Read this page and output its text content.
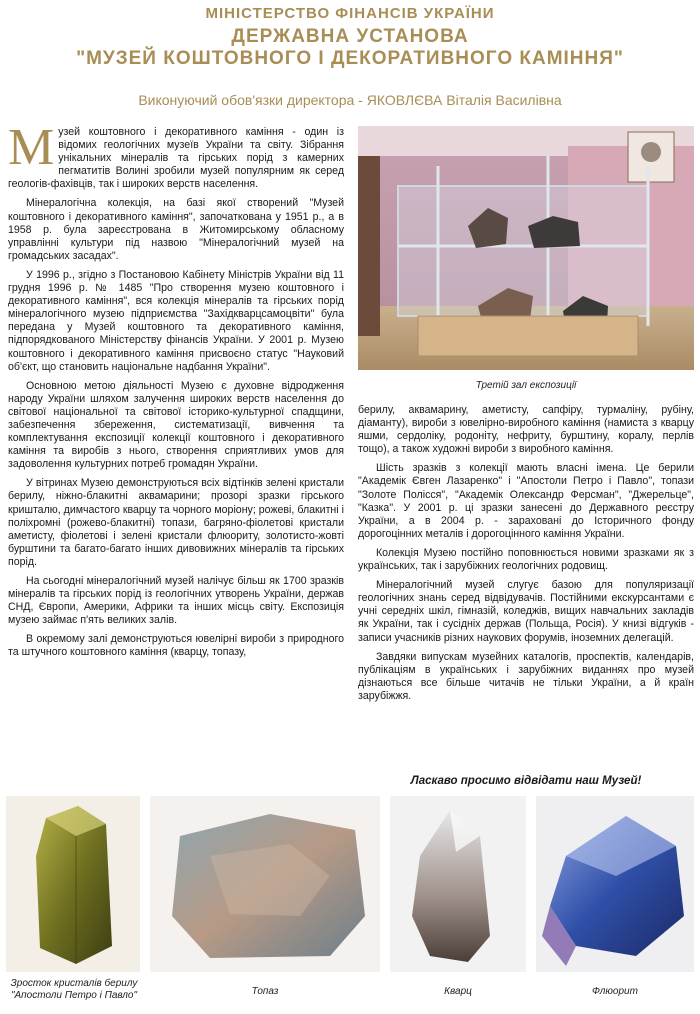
МІНІСТЕРСТВО ФІНАНСІВ УКРАЇНИ
ДЕРЖАВНА УСТАНОВА
"МУЗЕЙ КОШТОВНОГО І ДЕКОРАТИВНОГО КАМІННЯ"
Виконуючий обов'язки директора - ЯКОВЛЄВА Віталія Василівна

Музей коштовного і декоративного каміння - один із відомих геологічних музеїв України та світу. Зібрання унікальних мінералів та гірських порід з камерних пегматитів Волині зробили музей популярним як серед геологів-фахівців, так і широких верств населення.

Мінералогічна колекція, на базі якої створений "Музей коштовного і декоративного каміння", започаткована у 1951 р., а в 1958 р. була зареєстрована в Житомирському обласному управлінні культури під назвою "Мінералогічний музей на громадських засадах".

У 1996 р., згідно з Постановою Кабінету Міністрів України від 11 грудня 1996 р. № 1485 "Про створення музею коштовного і декоративного каміння", вся колекція мінералів та гірських порід мінералогічного музею підприємства "Західкварцсамоцвіти" була передана у Музей коштовного та декоративного каміння, підпорядкованого Міністерству фінансів України. У 2001 р. Музею коштовного і декоративного каміння присвоєно статус "Науковий об'єкт, що становить національне надбання України".

Основною метою діяльності Музею є духовне відродження народу України шляхом залучення широких верств населення до світової національної та світової історико-культурної спадщини, забезпечення збереження, систематизації, вивчення та комплектування експозиції колекції коштовного і декоративного каміння та виробів з нього, створення сприятливих умов для задоволення культурних потреб громадян України.

У вітринах Музею демонструються всіх відтінків зелені кристали берилу, ніжно-блакитні аквамарини; прозорі зразки гірського кришталю, димчастого кварцу та чорного моріону; рожеві, блакитні і поліхромні (рожево-блакитні) топази, багряно-фіолетові кристали аметисту, фіолетові і зелені кристали флюориту, золотисто-жовті бурштини та багато-багато інших дивовижних мінералів та гірських порід.

На сьогодні мінералогічний музей налічує більш як 1700 зразків мінералів та гірських порід із геологічних утворень України, держав СНД, Європи, Америки, Африки та інших місць світу. Експозиція музею займає п'ять великих залів.

В окремому залі демонструються ювелірні вироби з природного та штучного коштовного каміння (кварцу, топазу,

Третій зал експозиції

берилу, аквамарину, аметисту, сапфіру, турмаліну, рубіну, діаманту), вироби з ювелірно-виробного каміння (намиста з кварцу яшми, сердоліку, родоніту, нефриту, бурштину, коралу, перлів тощо), а також художні вироби з виробного каміння.

Шість зразків з колекції мають власні імена. Це берили "Академік Євген Лазаренко" і "Апостоли Петро і Павло", топази "Золоте Полісся", "Академік Олександр Ферсман", "Джерельце", "Казка". У 2001 р. ці зразки занесені до Державного реєстру України, а в 2004 р. - зараховані до Історичного фонду дорогоцінних металів і дорогоцінного каміння України.

Колекція Музею постійно поповнюється новими зразками як з українських, так і зарубіжних геологічних родовищ.

Мінералогічний музей слугує базою для популяризації геологічних знань серед відвідувачів. Постійними екскурсантами є учні середніх шкіл, гімназій, коледжів, вищих навчальних закладів як України, так і сусідніх держав (Польща, Росія). У книзі відгуків - записи учасників різних наукових форумів, іноземних делегацій.

Завдяки випускам музейних каталогів, проспектів, календарів, публікаціям в українських і зарубіжних виданнях про музей дізнаються все більше читачів не тільки України, а й країн зарубіжжя.

Ласкаво просимо відвідати наш Музей!
Зросток кристалів берилу "Апостоли Петро і Павло"	Топаз	Кварц	Флюорит
